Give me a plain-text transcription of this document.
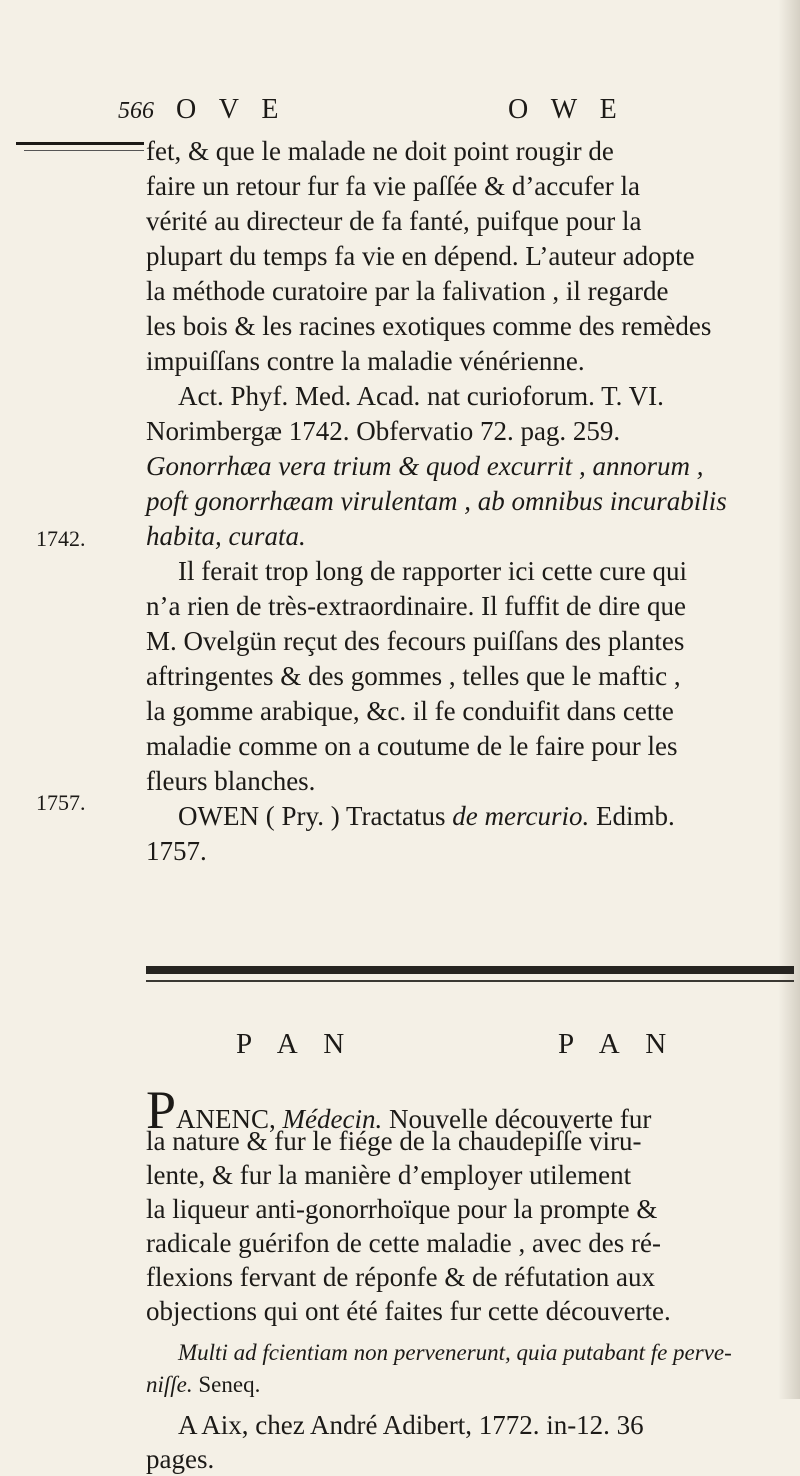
566 O V E	O W E
fet, & que le malade ne doit point rougir de
faire un retour fur fa vie paſſée & d’accufer la
vérité au directeur de fa fanté, puifque pour la
plupart du temps fa vie en dépend. L’auteur adopte
la méthode curatoire par la falivation , il regarde
les bois & les racines exotiques comme des remèdes
impuiſſans contre la maladie vénérienne.
Act. Phyf. Med. Acad. nat curioforum. T. VI.
Norimbergæ 1742. Obfervatio 72. pag. 259.
Gonorrhæa vera trium & quod excurrit , annorum ,
poft gonorrhæam virulentam , ab omnibus incurabilis
habita, curata.
Il ferait trop long de rapporter ici cette cure qui
n’a rien de très-extraordinaire. Il fuffit de dire que
M. Ovelgün reçut des fecours puiſſans des plantes
aftringentes & des gommes , telles que le maftic ,
la gomme arabique, &c. il fe conduifit dans cette
maladie comme on a coutume de le faire pour les
fleurs blanches.
OWEN ( Pry. ) Tractatus de mercurio. Edimb.
1757.
1742.
1757.
P A N	P A N
PANENC, Médecin. Nouvelle découverte fur
la nature & fur le fiége de la chaudepiſſe viru-
lente, & fur la manière d’employer utilement
la liqueur anti-gonorrhoïque pour la prompte &
radicale guérifon de cette maladie , avec des ré-
flexions fervant de réponfe & de réfutation aux
objections qui ont été faites fur cette découverte.
Multi ad fcientiam non pervenerunt, quia putabant fe perve-
niſſe. Seneq.
A Aix, chez André Adibert, 1772. in-12. 36
pages.
